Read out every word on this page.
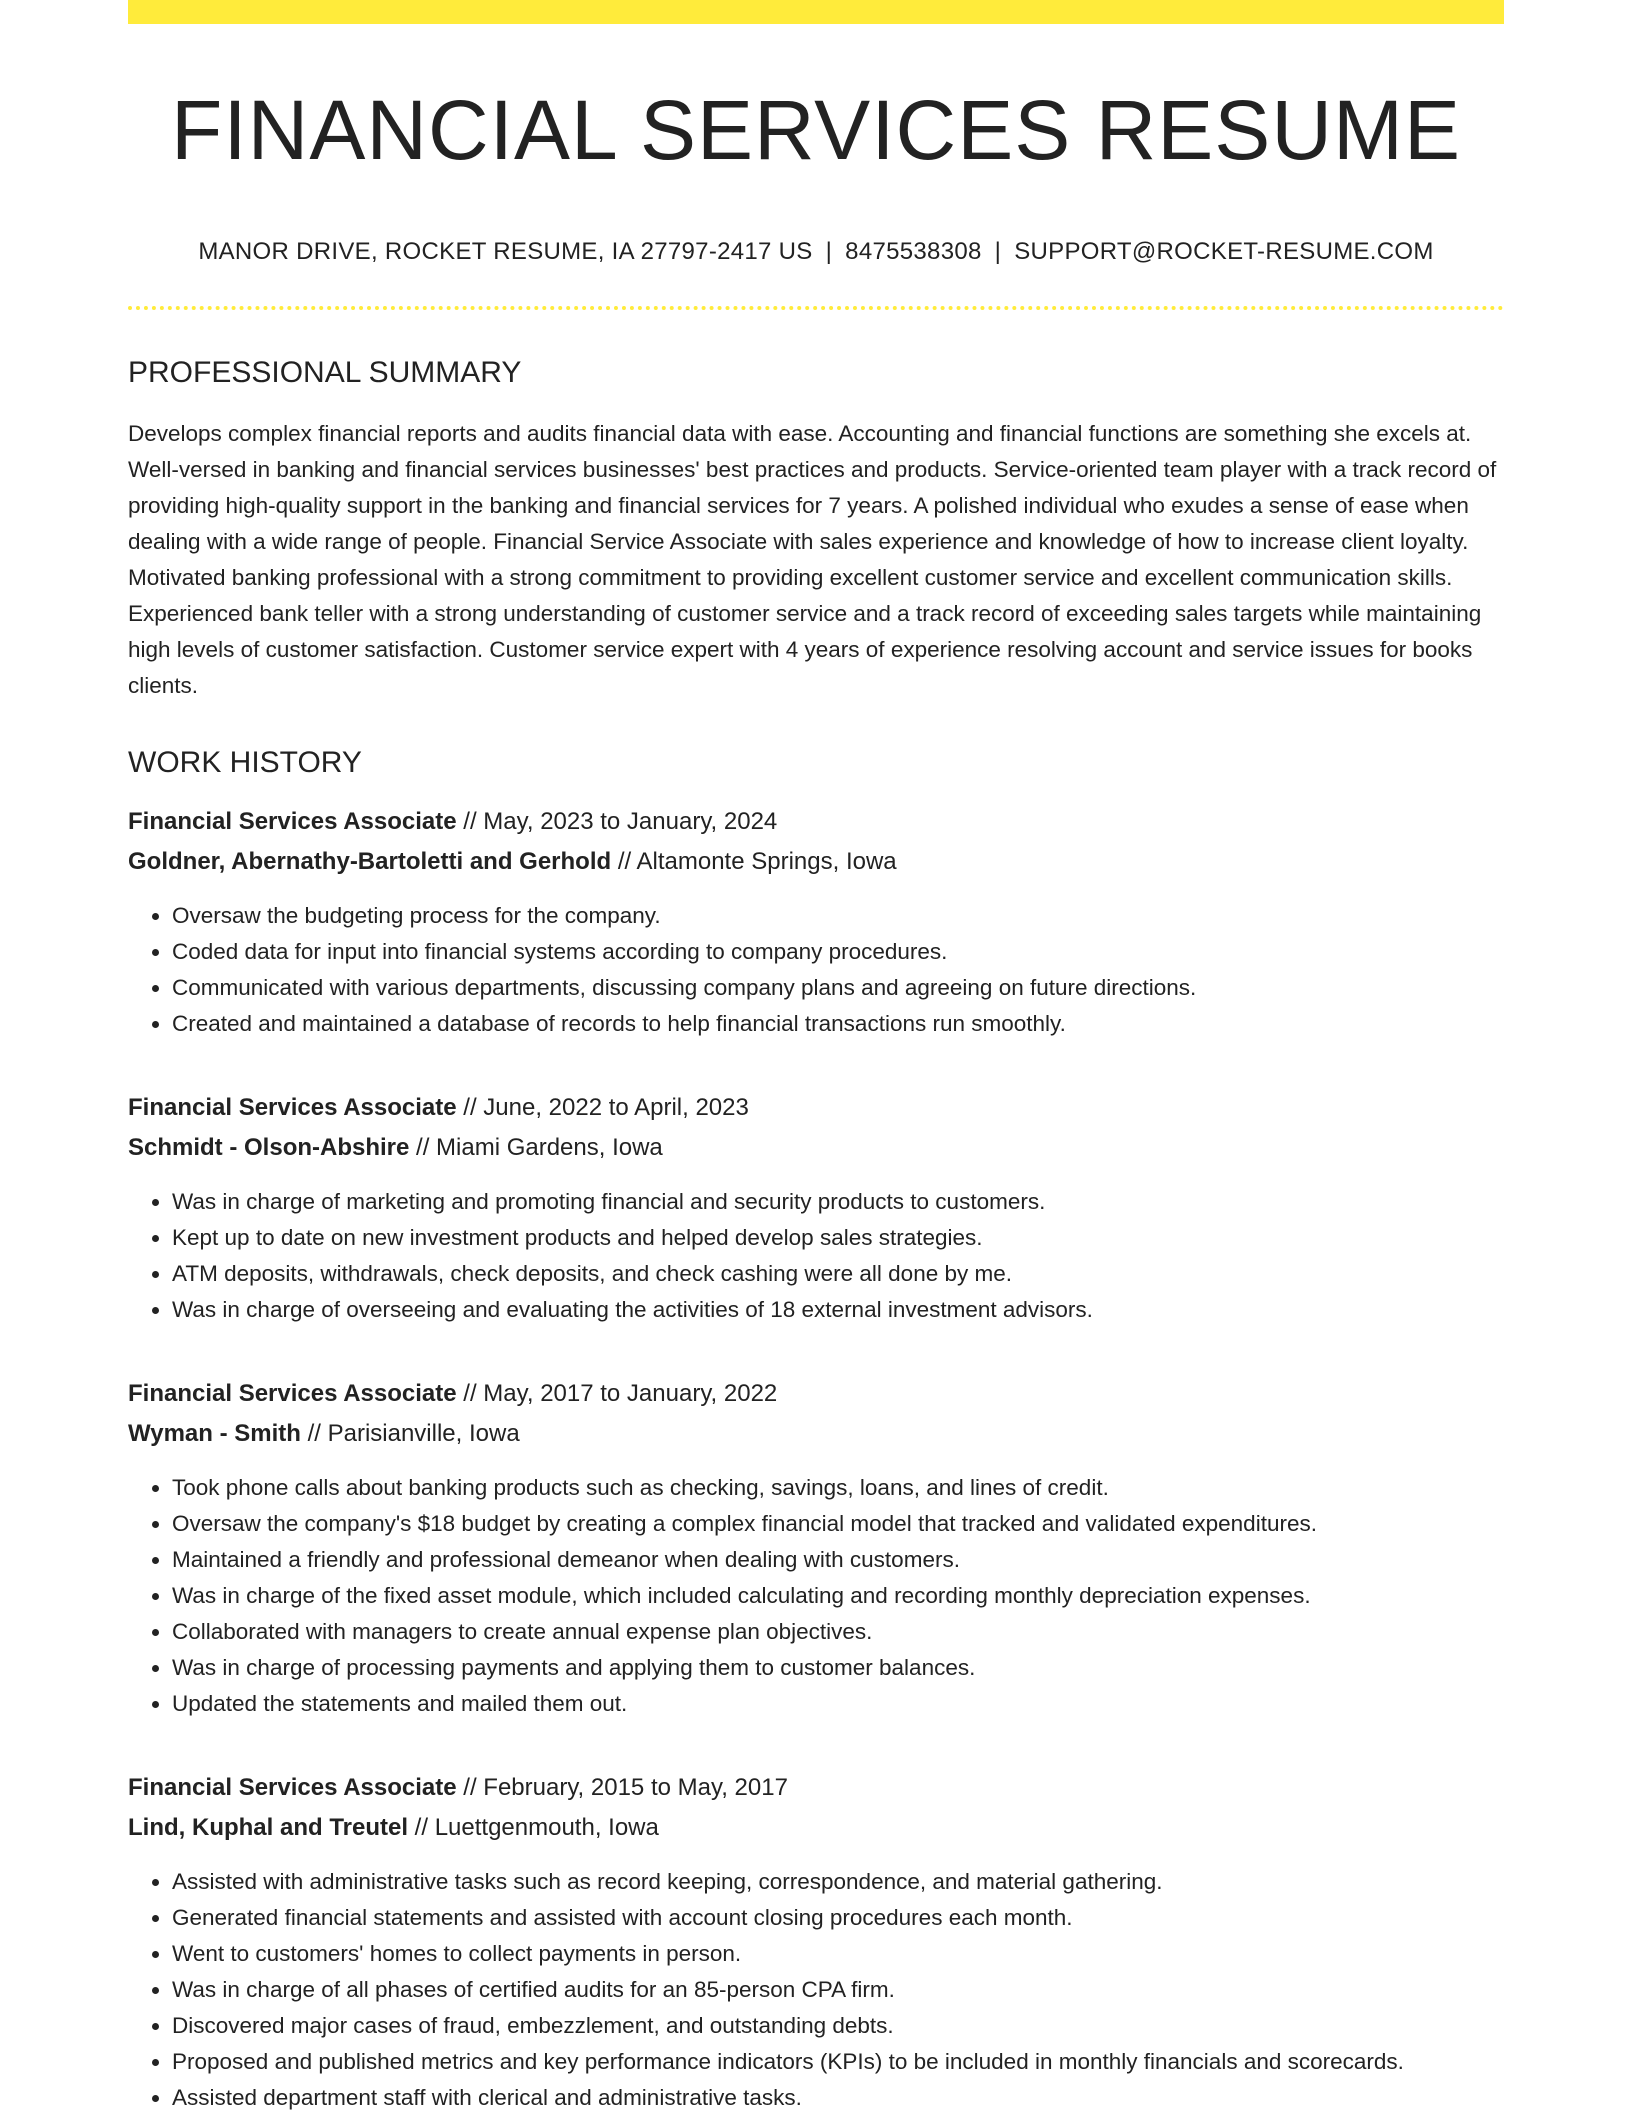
FINANCIAL SERVICES RESUME
MANOR DRIVE, ROCKET RESUME, IA 27797-2417 US | 8475538308 | SUPPORT@ROCKET-RESUME.COM
PROFESSIONAL SUMMARY

Develops complex financial reports and audits financial data with ease. Accounting and financial functions are something she excels at. Well-versed in banking and financial services businesses' best practices and products. Service-oriented team player with a track record of providing high-quality support in the banking and financial services for 7 years. A polished individual who exudes a sense of ease when dealing with a wide range of people. Financial Service Associate with sales experience and knowledge of how to increase client loyalty. Motivated banking professional with a strong commitment to providing excellent customer service and excellent communication skills. Experienced bank teller with a strong understanding of customer service and a track record of exceeding sales targets while maintaining high levels of customer satisfaction. Customer service expert with 4 years of experience resolving account and service issues for books clients.

WORK HISTORY
Financial Services Associate // May, 2023 to January, 2024
Goldner, Abernathy-Bartoletti and Gerhold // Altamonte Springs, Iowa
• Oversaw the budgeting process for the company.
• Coded data for input into financial systems according to company procedures.
• Communicated with various departments, discussing company plans and agreeing on future directions.
• Created and maintained a database of records to help financial transactions run smoothly.
Financial Services Associate // June, 2022 to April, 2023
Schmidt - Olson-Abshire // Miami Gardens, Iowa
• Was in charge of marketing and promoting financial and security products to customers.
• Kept up to date on new investment products and helped develop sales strategies.
• ATM deposits, withdrawals, check deposits, and check cashing were all done by me.
• Was in charge of overseeing and evaluating the activities of 18 external investment advisors.
Financial Services Associate // May, 2017 to January, 2022
Wyman - Smith // Parisianville, Iowa
• Took phone calls about banking products such as checking, savings, loans, and lines of credit.
• Oversaw the company's $18 budget by creating a complex financial model that tracked and validated expenditures.
• Maintained a friendly and professional demeanor when dealing with customers.
• Was in charge of the fixed asset module, which included calculating and recording monthly depreciation expenses.
• Collaborated with managers to create annual expense plan objectives.
• Was in charge of processing payments and applying them to customer balances.
• Updated the statements and mailed them out.
Financial Services Associate // February, 2015 to May, 2017
Lind, Kuphal and Treutel // Luettgenmouth, Iowa
• Assisted with administrative tasks such as record keeping, correspondence, and material gathering.
• Generated financial statements and assisted with account closing procedures each month.
• Went to customers' homes to collect payments in person.
• Was in charge of all phases of certified audits for an 85-person CPA firm.
• Discovered major cases of fraud, embezzlement, and outstanding debts.
• Proposed and published metrics and key performance indicators (KPIs) to be included in monthly financials and scorecards.
• Assisted department staff with clerical and administrative tasks.
